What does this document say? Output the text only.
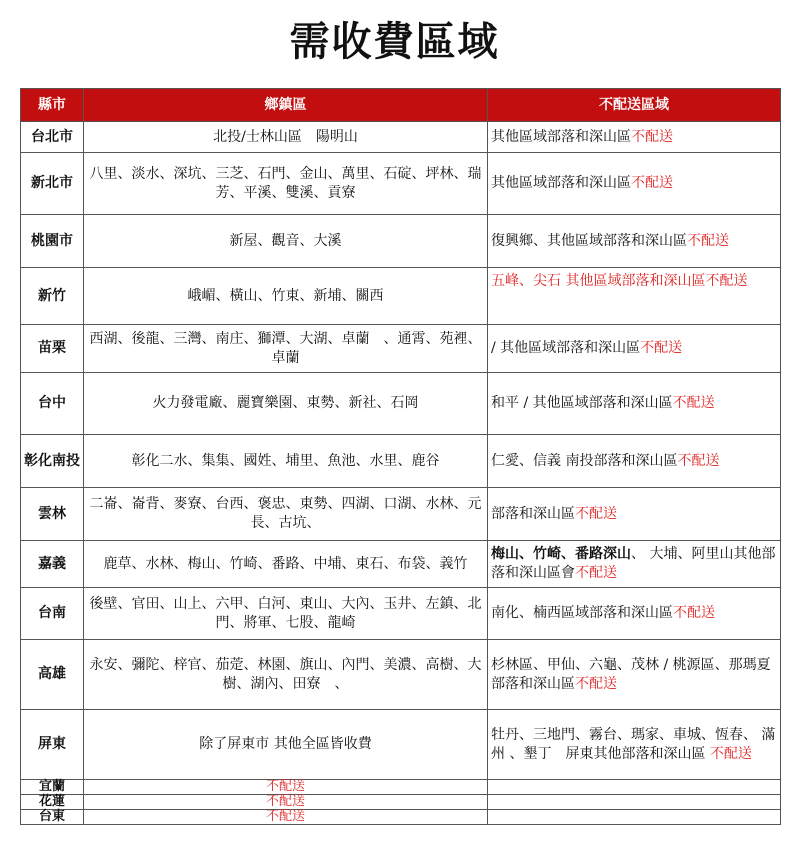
需收費區域
縣市	鄉鎮區	不配送區域
台北市	北投/士林山區　陽明山	其他區域部落和深山區不配送
新北市	八里、淡水、深坑、三芝、石門、金山、萬里、石碇、坪林、瑞芳、平溪、雙溪、貢寮	其他區域部落和深山區不配送
桃園市	新屋、觀音、大溪	復興鄉、其他區域部落和深山區不配送
新竹	峨嵋、橫山、竹東、新埔、關西	五峰、尖石 其他區域部落和深山區不配送
苗栗	西湖、後龍、三灣、南庄、獅潭、大湖、卓蘭　、通霄、苑裡、卓蘭	/ 其他區域部落和深山區不配送
台中	火力發電廠、麗寶樂園、東勢、新社、石岡	和平 / 其他區域部落和深山區不配送
彰化南投	彰化二水、集集、國姓、埔里、魚池、水里、鹿谷	仁愛、信義 南投部落和深山區不配送
雲林	二崙、崙背、麥寮、台西、褒忠、東勢、四湖、口湖、水林、元長、古坑、	部落和深山區不配送
嘉義	鹿草、水林、梅山、竹崎、番路、中埔、東石、布袋、義竹	梅山、竹崎、番路深山、 大埔、阿里山其他部落和深山區會不配送
台南	後壁、官田、山上、六甲、白河、東山、大內、玉井、左鎮、北門、將軍、七股、龍崎	南化、楠西區域部落和深山區不配送
高雄	永安、彌陀、梓官、茄萣、林園、旗山、內門、美濃、高樹、大樹、湖內、田寮　、	杉林區、甲仙、六龜、茂林 / 桃源區、那瑪夏部落和深山區不配送
屏東	除了屏東市 其他全區皆收費	牡丹、三地門、霧台、瑪家、車城、恆春、 滿州 、墾丁　屏東其他部落和深山區 不配送
宜蘭	不配送	
花蓮	不配送	
台東	不配送	
